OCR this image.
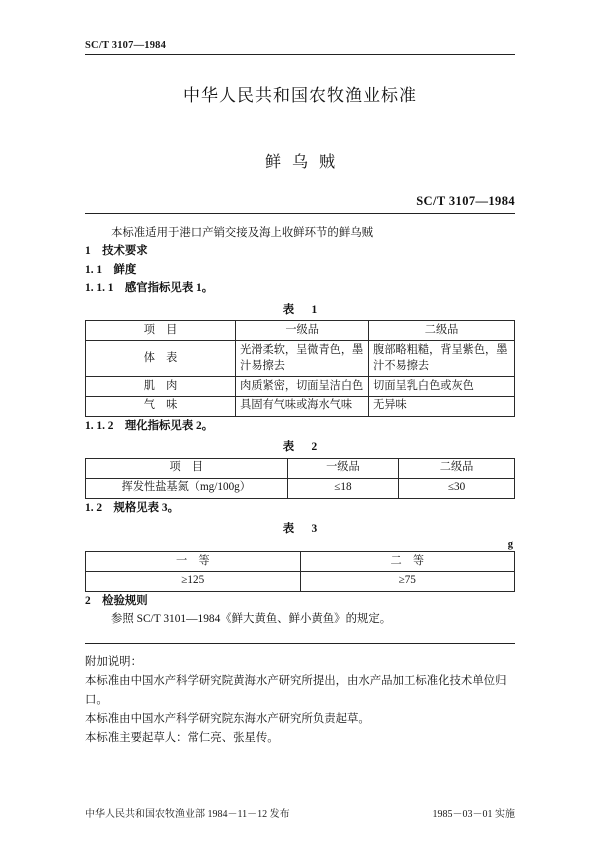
SC/T 3107—1984
中华人民共和国农牧渔业标准
鲜乌贼
SC/T 3107—1984
本标准适用于港口产销交接及海上收鲜环节的鲜乌贼
1　技术要求
1. 1　鲜度
1. 1. 1　感官指标见表 1。
表　1
项　目	一级品	二级品
体　表	光滑柔软，呈微青色，墨汁易擦去	腹部略粗糙，背呈紫色，墨汁不易擦去
肌　肉	肉质紧密，切面呈洁白色	切面呈乳白色或灰色
气　味	具固有气味或海水气味	无异味
1. 1. 2　理化指标见表 2。
表　2
项　目	一级品	二级品
挥发性盐基氮（mg/100g）	≤18	≤30
1. 2　规格见表 3。
表　3
g
一　等	二　等
≥125	≥75
2　检验规则
参照 SC/T 3101—1984《鲜大黄鱼、鲜小黄鱼》的规定。
附加说明：
本标准由中国水产科学研究院黄海水产研究所提出，由水产品加工标准化技术单位归口。
本标准由中国水产科学研究院东海水产研究所负责起草。
本标准主要起草人：常仁亮、张星传。
中华人民共和国农牧渔业部 1984－11－12 发布	1985－03－01 实施
